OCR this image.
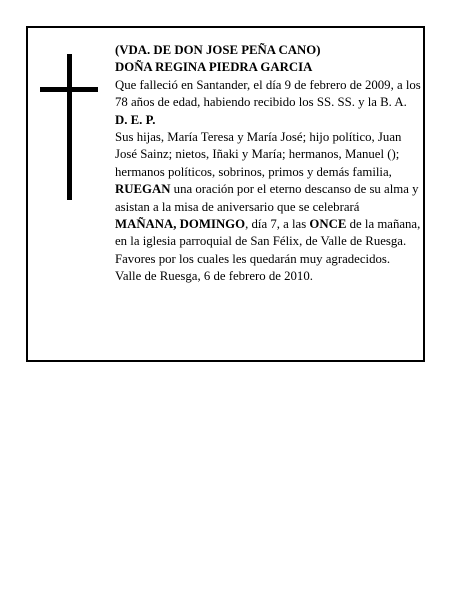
(VDA. DE DON JOSE PEÑA CANO)

DOÑA REGINA PIEDRA GARCIA

Que falleció en Santander, el día 9 de febrero de 2009, a los 78 años de edad, habiendo recibido los SS. SS. y la B. A.

D. E. P.

Sus hijas, María Teresa y María José; hijo político, Juan José Sainz; nietos, Iñaki y María; hermanos, Manuel (); hermanos políticos, sobrinos, primos y demás familia, RUEGAN una oración por el eterno descanso de su alma y asistan a la misa de aniversario que se celebrará MAÑANA, DOMINGO, día 7, a las ONCE de la mañana, en la iglesia parroquial de San Félix, de Valle de Ruesga. Favores por los cuales les quedarán muy agradecidos.

Valle de Ruesga, 6 de febrero de 2010.
